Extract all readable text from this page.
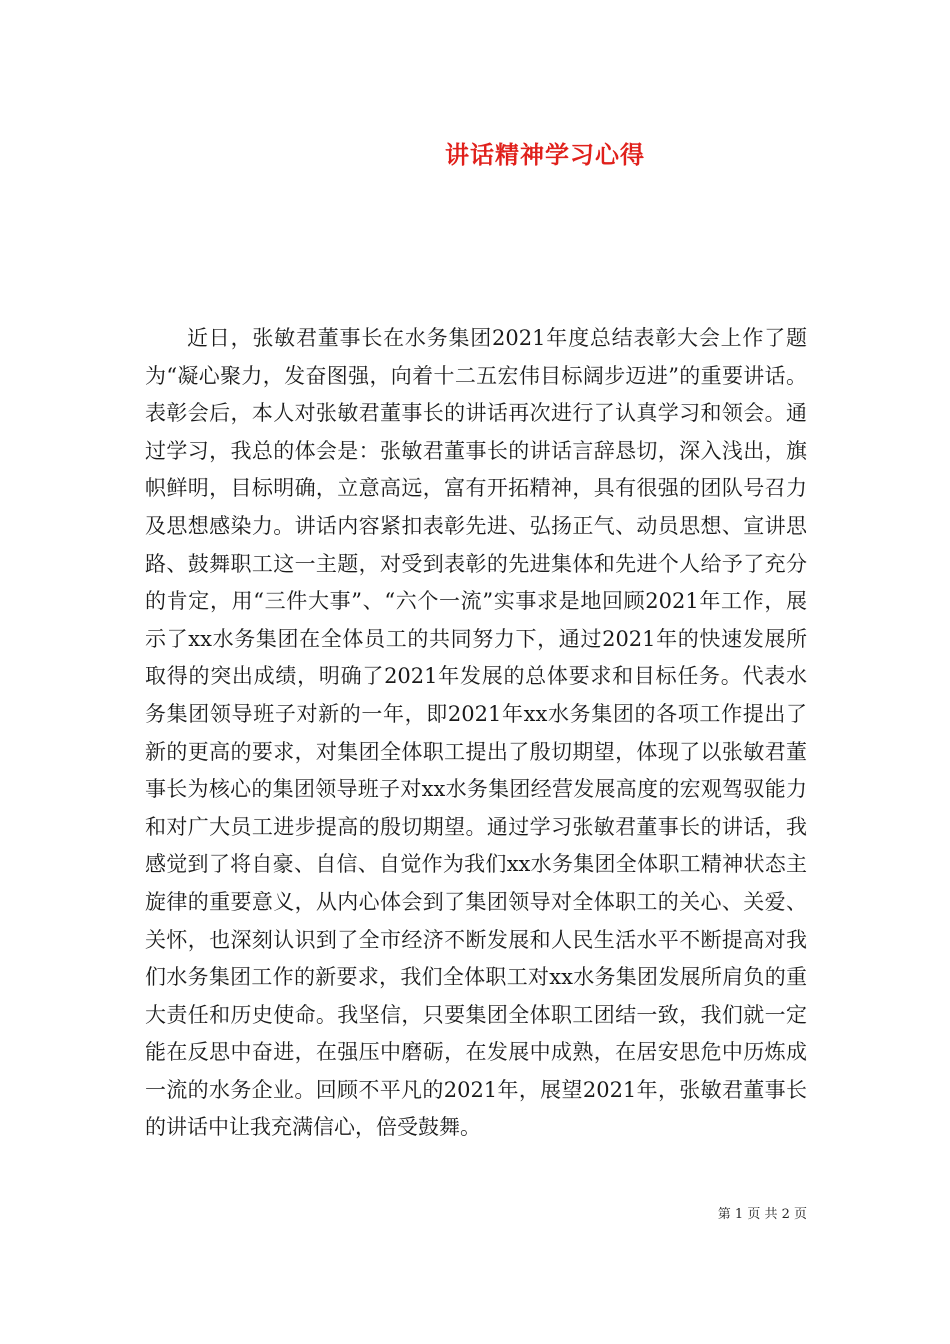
讲话精神学习心得

近日，张敏君董事长在水务集团2021年度总结表彰大会上作了题为“凝心聚力，发奋图强，向着十二五宏伟目标阔步迈进”的重要讲话。表彰会后，本人对张敏君董事长的讲话再次进行了认真学习和领会。通过学习，我总的体会是：张敏君董事长的讲话言辞恳切，深入浅出，旗帜鲜明，目标明确，立意高远，富有开拓精神，具有很强的团队号召力及思想感染力。讲话内容紧扣表彰先进、弘扬正气、动员思想、宣讲思路、鼓舞职工这一主题，对受到表彰的先进集体和先进个人给予了充分的肯定，用“三件大事”、“六个一流”实事求是地回顾2021年工作，展示了xx水务集团在全体员工的共同努力下，通过2021年的快速发展所取得的突出成绩，明确了2021年发展的总体要求和目标任务。代表水务集团领导班子对新的一年，即2021年xx水务集团的各项工作提出了新的更高的要求，对集团全体职工提出了殷切期望，体现了以张敏君董事长为核心的集团领导班子对xx水务集团经营发展高度的宏观驾驭能力和对广大员工进步提高的殷切期望。通过学习张敏君董事长的讲话，我感觉到了将自豪、自信、自觉作为我们xx水务集团全体职工精神状态主旋律的重要意义，从内心体会到了集团领导对全体职工的关心、关爱、关怀，也深刻认识到了全市经济不断发展和人民生活水平不断提高对我们水务集团工作的新要求，我们全体职工对xx水务集团发展所肩负的重大责任和历史使命。我坚信，只要集团全体职工团结一致，我们就一定能在反思中奋进，在强压中磨砺，在发展中成熟，在居安思危中历炼成一流的水务企业。回顾不平凡的2021年，展望2021年，张敏君董事长的讲话中让我充满信心，倍受鼓舞。

第 1 页 共 2 页
